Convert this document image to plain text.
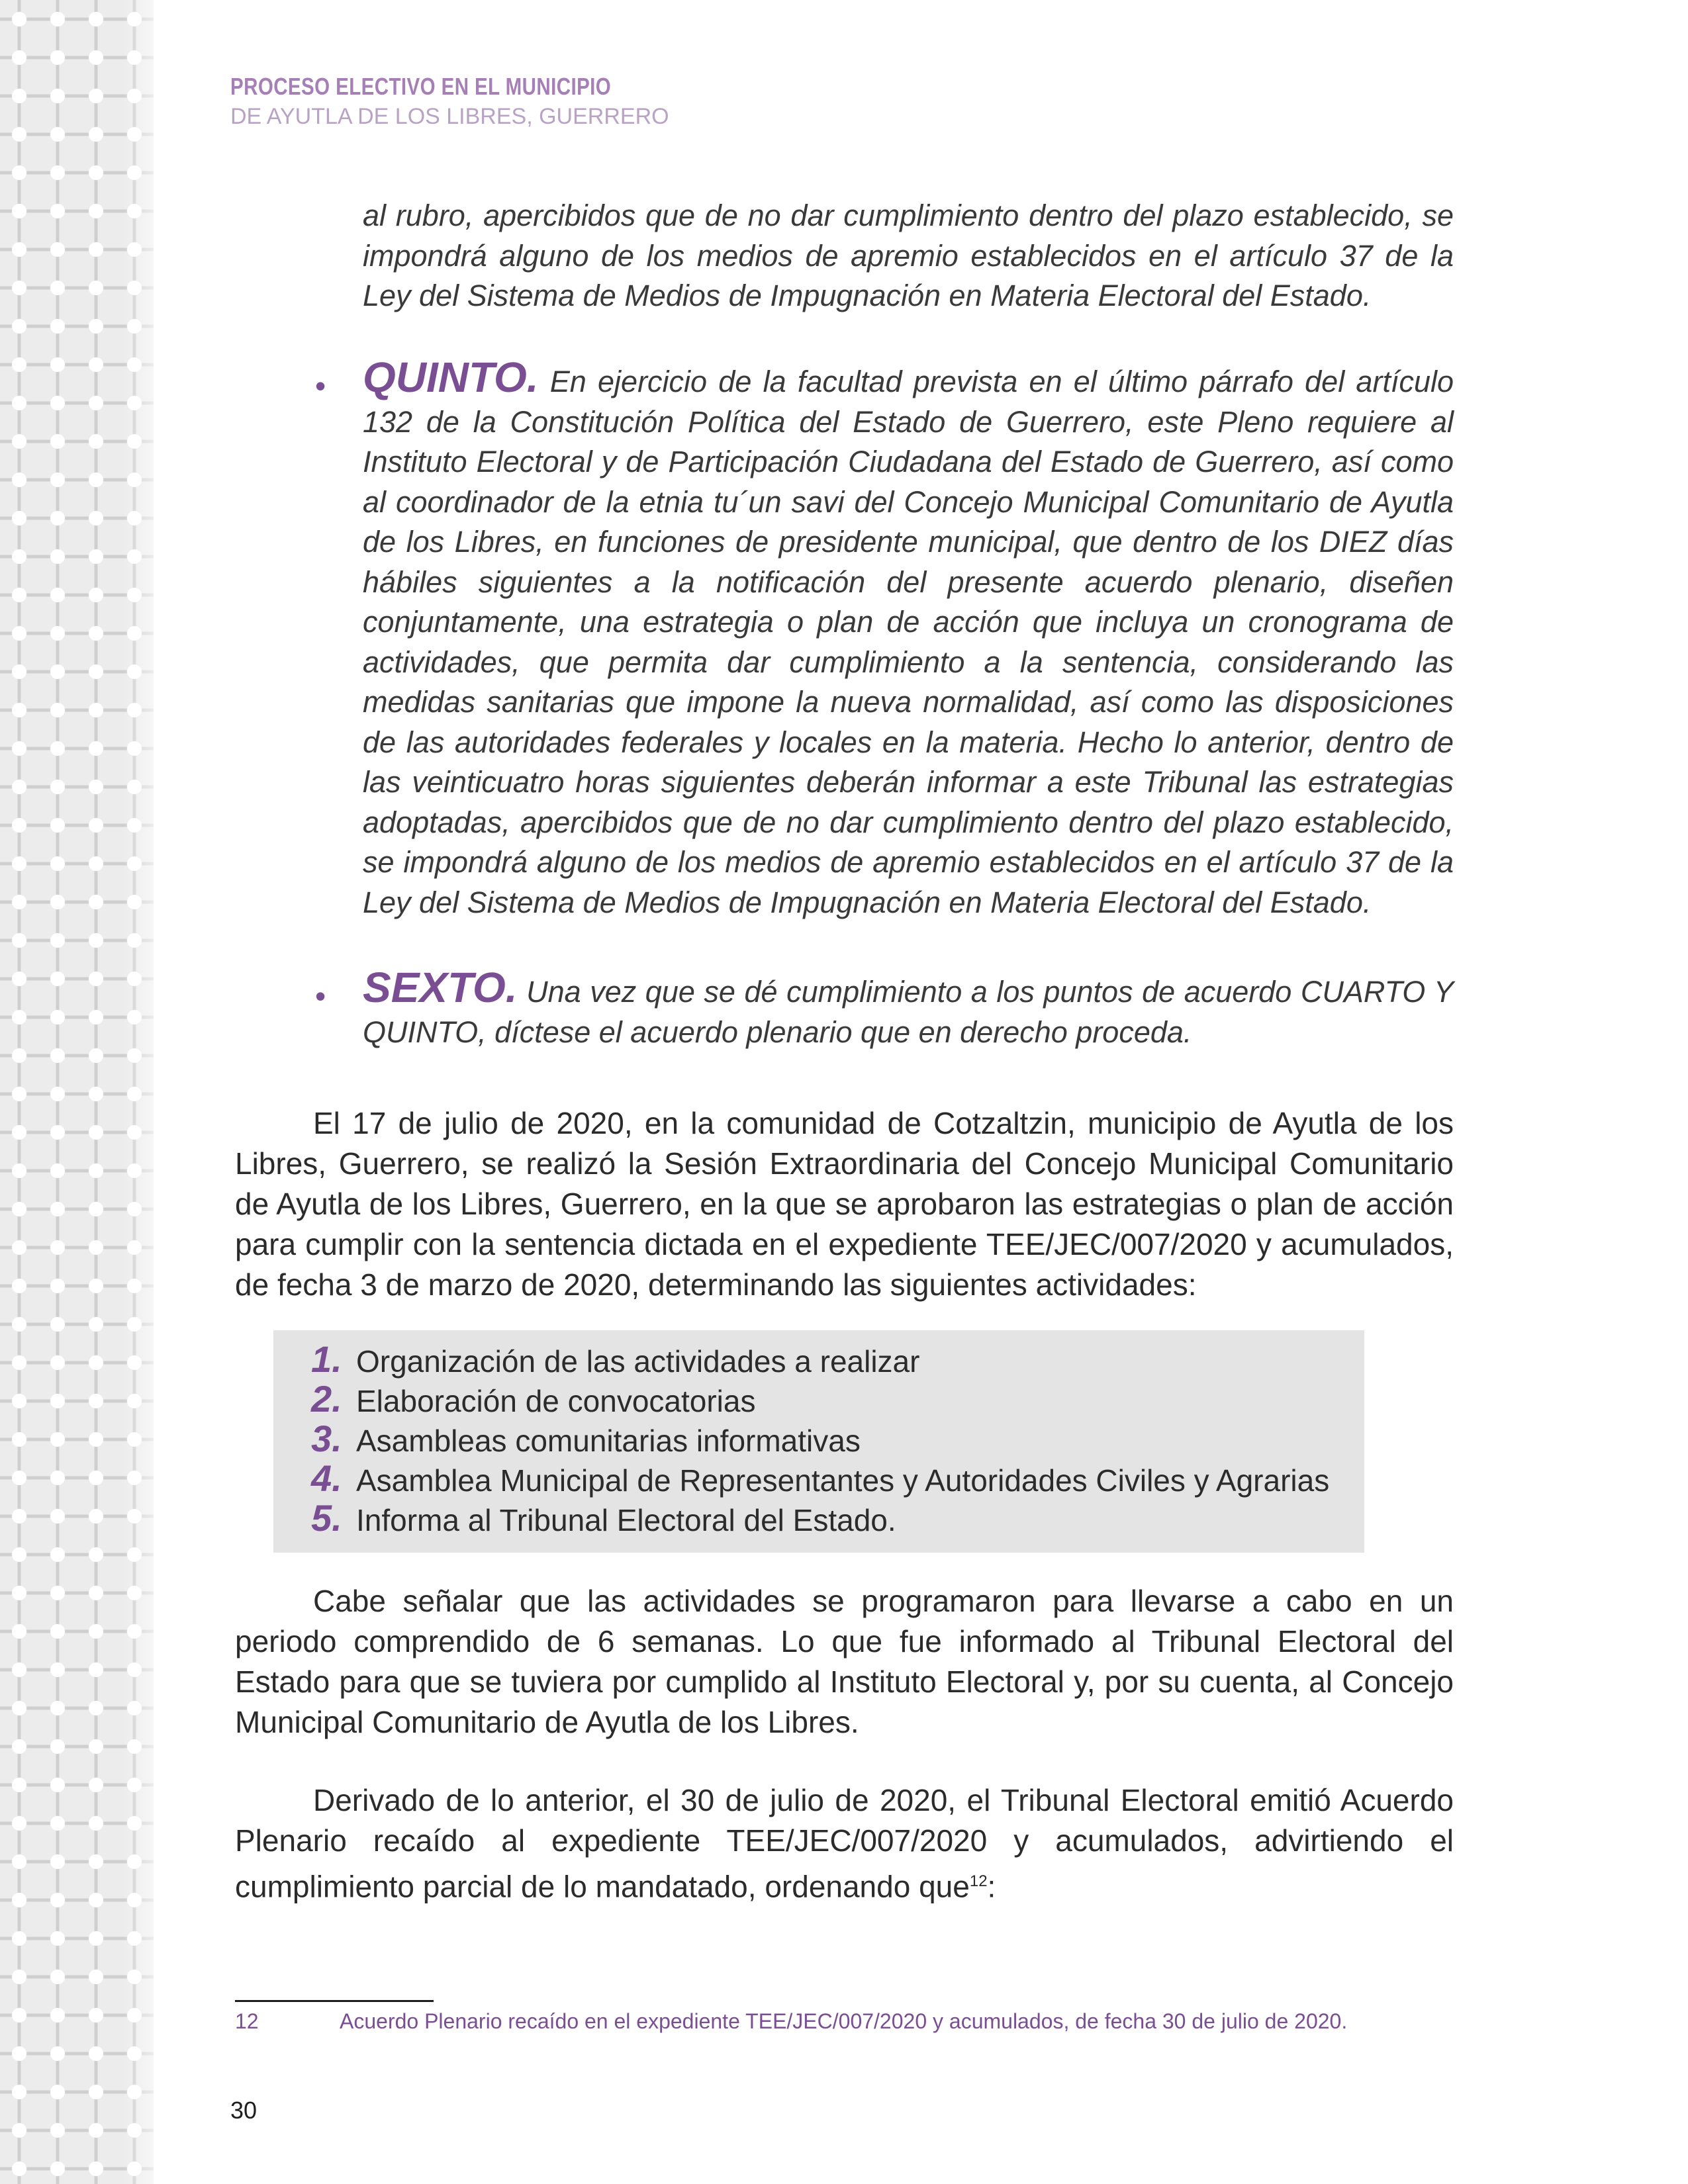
PROCESO ELECTIVO EN EL MUNICIPIO
DE AYUTLA DE LOS LIBRES, GUERRERO
al rubro, apercibidos que de no dar cumplimiento dentro del plazo establecido, se impondrá alguno de los medios de apremio establecidos en el artículo 37 de la Ley del Sistema de Medios de Impugnación en Materia Electoral del Estado.
• QUINTO. En ejercicio de la facultad prevista en el último párrafo del artículo 132 de la Constitución Política del Estado de Guerrero, este Pleno requiere al Instituto Electoral y de Participación Ciudadana del Estado de Guerrero, así como al coordinador de la etnia tu´un savi del Concejo Municipal Comunitario de Ayutla de los Libres, en funciones de presidente municipal, que dentro de los DIEZ días hábiles siguientes a la notificación del presente acuerdo plenario, diseñen conjuntamente, una estrategia o plan de acción que incluya un cronograma de actividades, que permita dar cumplimiento a la sentencia, considerando las medidas sanitarias que impone la nueva normalidad, así como las disposiciones de las autoridades federales y locales en la materia. Hecho lo anterior, dentro de las veinticuatro horas siguientes deberán informar a este Tribunal las estrategias adoptadas, apercibidos que de no dar cumplimiento dentro del plazo establecido, se impondrá alguno de los medios de apremio establecidos en el artículo 37 de la Ley del Sistema de Medios de Impugnación en Materia Electoral del Estado.
• SEXTO. Una vez que se dé cumplimiento a los puntos de acuerdo CUARTO Y QUINTO, díctese el acuerdo plenario que en derecho proceda.
El 17 de julio de 2020, en la comunidad de Cotzaltzin, municipio de Ayutla de los Libres, Guerrero, se realizó la Sesión Extraordinaria del Concejo Municipal Comunitario de Ayutla de los Libres, Guerrero, en la que se aprobaron las estrategias o plan de acción para cumplir con la sentencia dictada en el expediente TEE/JEC/007/2020 y acumulados, de fecha 3 de marzo de 2020, determinando las siguientes actividades:
1. Organización de las actividades a realizar
2. Elaboración de convocatorias
3. Asambleas comunitarias informativas
4. Asamblea Municipal de Representantes y Autoridades Civiles y Agrarias
5. Informa al Tribunal Electoral del Estado.
Cabe señalar que las actividades se programaron para llevarse a cabo en un periodo comprendido de 6 semanas. Lo que fue informado al Tribunal Electoral del Estado para que se tuviera por cumplido al Instituto Electoral y, por su cuenta, al Concejo Municipal Comunitario de Ayutla de los Libres.
Derivado de lo anterior, el 30 de julio de 2020, el Tribunal Electoral emitió Acuerdo Plenario recaído al expediente TEE/JEC/007/2020 y acumulados, advirtiendo el cumplimiento parcial de lo mandatado, ordenando que$^{12}$:
12	Acuerdo Plenario recaído en el expediente TEE/JEC/007/2020 y acumulados, de fecha 30 de julio de 2020.
30
